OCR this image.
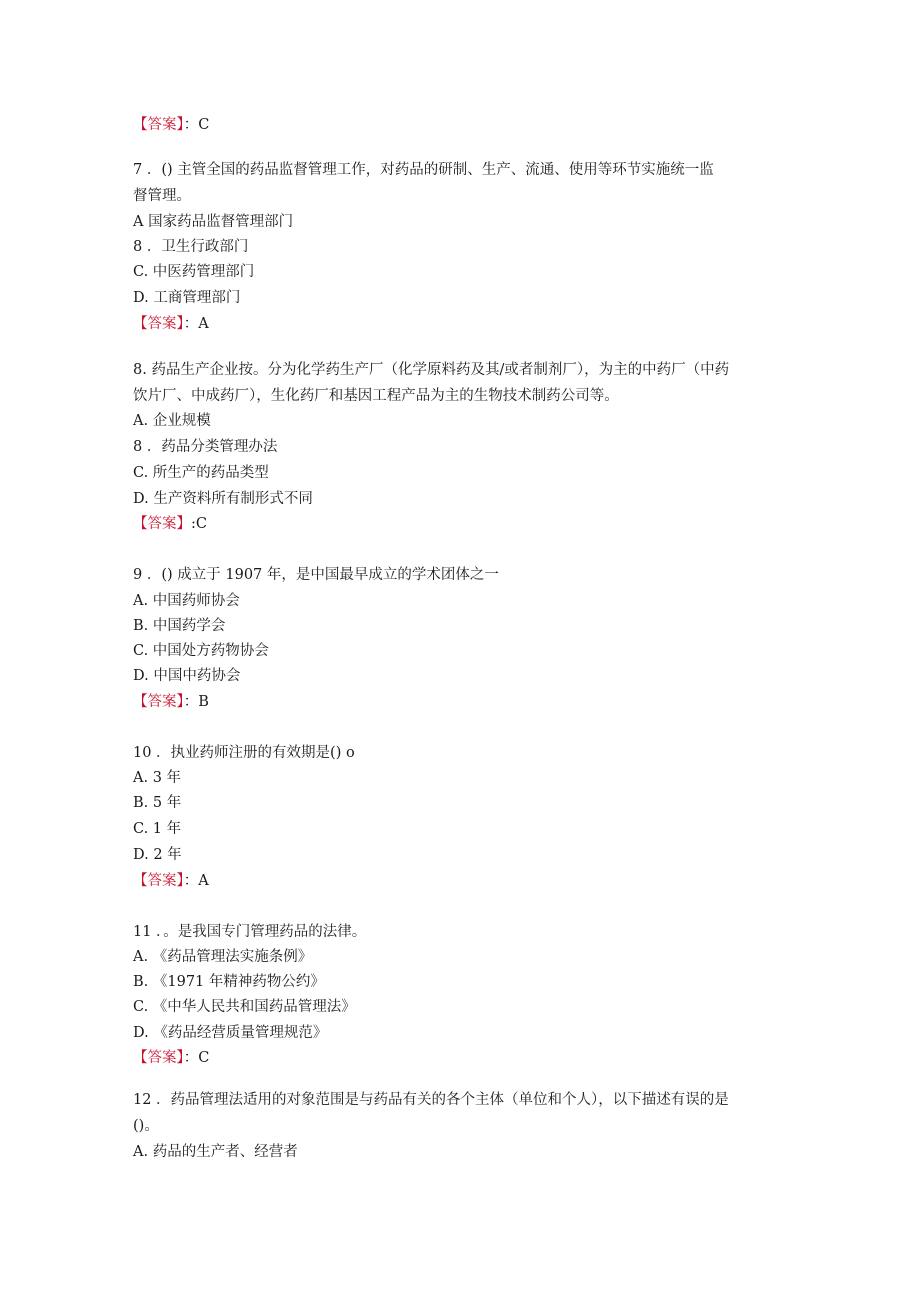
【答案】：C
7 ．() 主管全国的药品监督管理工作，对药品的研制、生产、流通、使用等环节实施统一监
督管理。
A 国家药品监督管理部门
8 ．卫生行政部门
C. 中医药管理部门
D. 工商管理部门
【答案】：A
8. 药品生产企业按。分为化学药生产厂（化学原料药及其/或者制剂厂），为主的中药厂（中药
饮片厂、中成药厂），生化药厂和基因工程产品为主的生物技术制药公司等。
A. 企业规模
8 ．药品分类管理办法
C. 所生产的药品类型
D. 生产资料所有制形式不同
【答案】:C
9 ．() 成立于 1907 年，是中国最早成立的学术团体之一
A. 中国药师协会
B. 中国药学会
C. 中国处方药物协会
D. 中国中药协会
【答案】：B
10 ．执业药师注册的有效期是() o
A. 3 年
B. 5 年
C. 1 年
D. 2 年
【答案】：A
11 ．。是我国专门管理药品的法律。
A. 《药品管理法实施条例》
B. 《1971 年精神药物公约》
C. 《中华人民共和国药品管理法》
D. 《药品经营质量管理规范》
【答案】：C
12 ．药品管理法适用的对象范围是与药品有关的各个主体（单位和个人），以下描述有误的是
()。
A. 药品的生产者、经营者
